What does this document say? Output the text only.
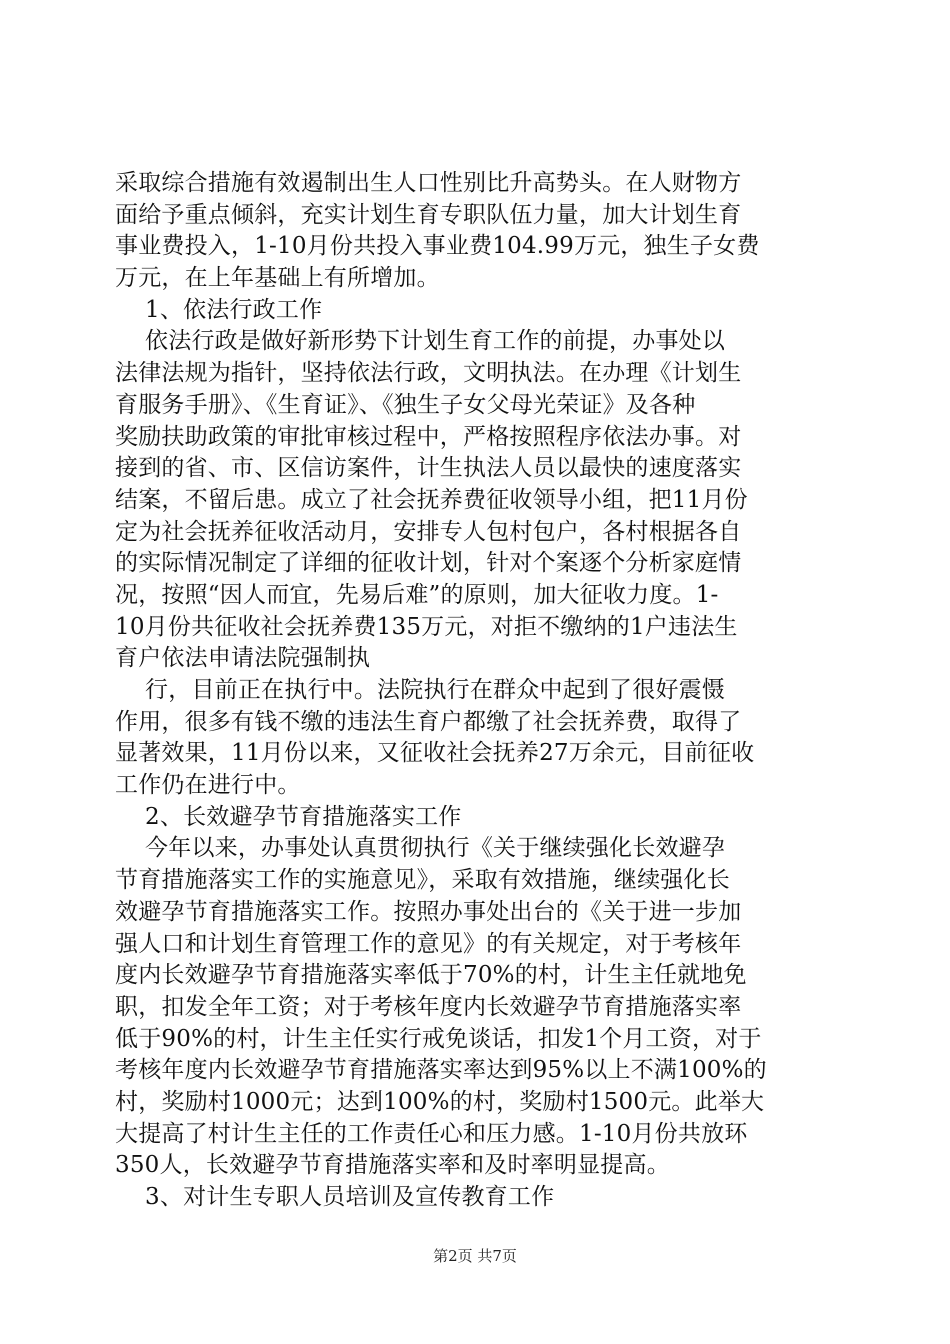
采取综合措施有效遏制出生人口性别比升高势头。在人财物方
面给予重点倾斜，充实计划生育专职队伍力量，加大计划生育
事业费投入，1-10月份共投入事业费104.99万元，独生子女费
万元，在上年基础上有所增加。
1、依法行政工作
依法行政是做好新形势下计划生育工作的前提，办事处以
法律法规为指针，坚持依法行政，文明执法。在办理《计划生
育服务手册》、《生育证》、《独生子女父母光荣证》及各种
奖励扶助政策的审批审核过程中，严格按照程序依法办事。对
接到的省、市、区信访案件，计生执法人员以最快的速度落实
结案，不留后患。成立了社会抚养费征收领导小组，把11月份
定为社会抚养征收活动月，安排专人包村包户，各村根据各自
的实际情况制定了详细的征收计划，针对个案逐个分析家庭情
况，按照“因人而宜，先易后难”的原则，加大征收力度。1-
10月份共征收社会抚养费135万元，对拒不缴纳的1户违法生
育户依法申请法院强制执
行，目前正在执行中。法院执行在群众中起到了很好震慑
作用，很多有钱不缴的违法生育户都缴了社会抚养费，取得了
显著效果，11月份以来，又征收社会抚养27万余元，目前征收
工作仍在进行中。
2、长效避孕节育措施落实工作
今年以来，办事处认真贯彻执行《关于继续强化长效避孕
节育措施落实工作的实施意见》，采取有效措施，继续强化长
效避孕节育措施落实工作。按照办事处出台的《关于进一步加
强人口和计划生育管理工作的意见》的有关规定，对于考核年
度内长效避孕节育措施落实率低于70%的村，计生主任就地免
职，扣发全年工资；对于考核年度内长效避孕节育措施落实率
低于90%的村，计生主任实行戒免谈话，扣发1个月工资，对于
考核年度内长效避孕节育措施落实率达到95%以上不满100%的
村，奖励村1000元；达到100%的村，奖励村1500元。此举大
大提高了村计生主任的工作责任心和压力感。1-10月份共放环
350人，长效避孕节育措施落实率和及时率明显提高。
3、对计生专职人员培训及宣传教育工作
第2页 共7页
